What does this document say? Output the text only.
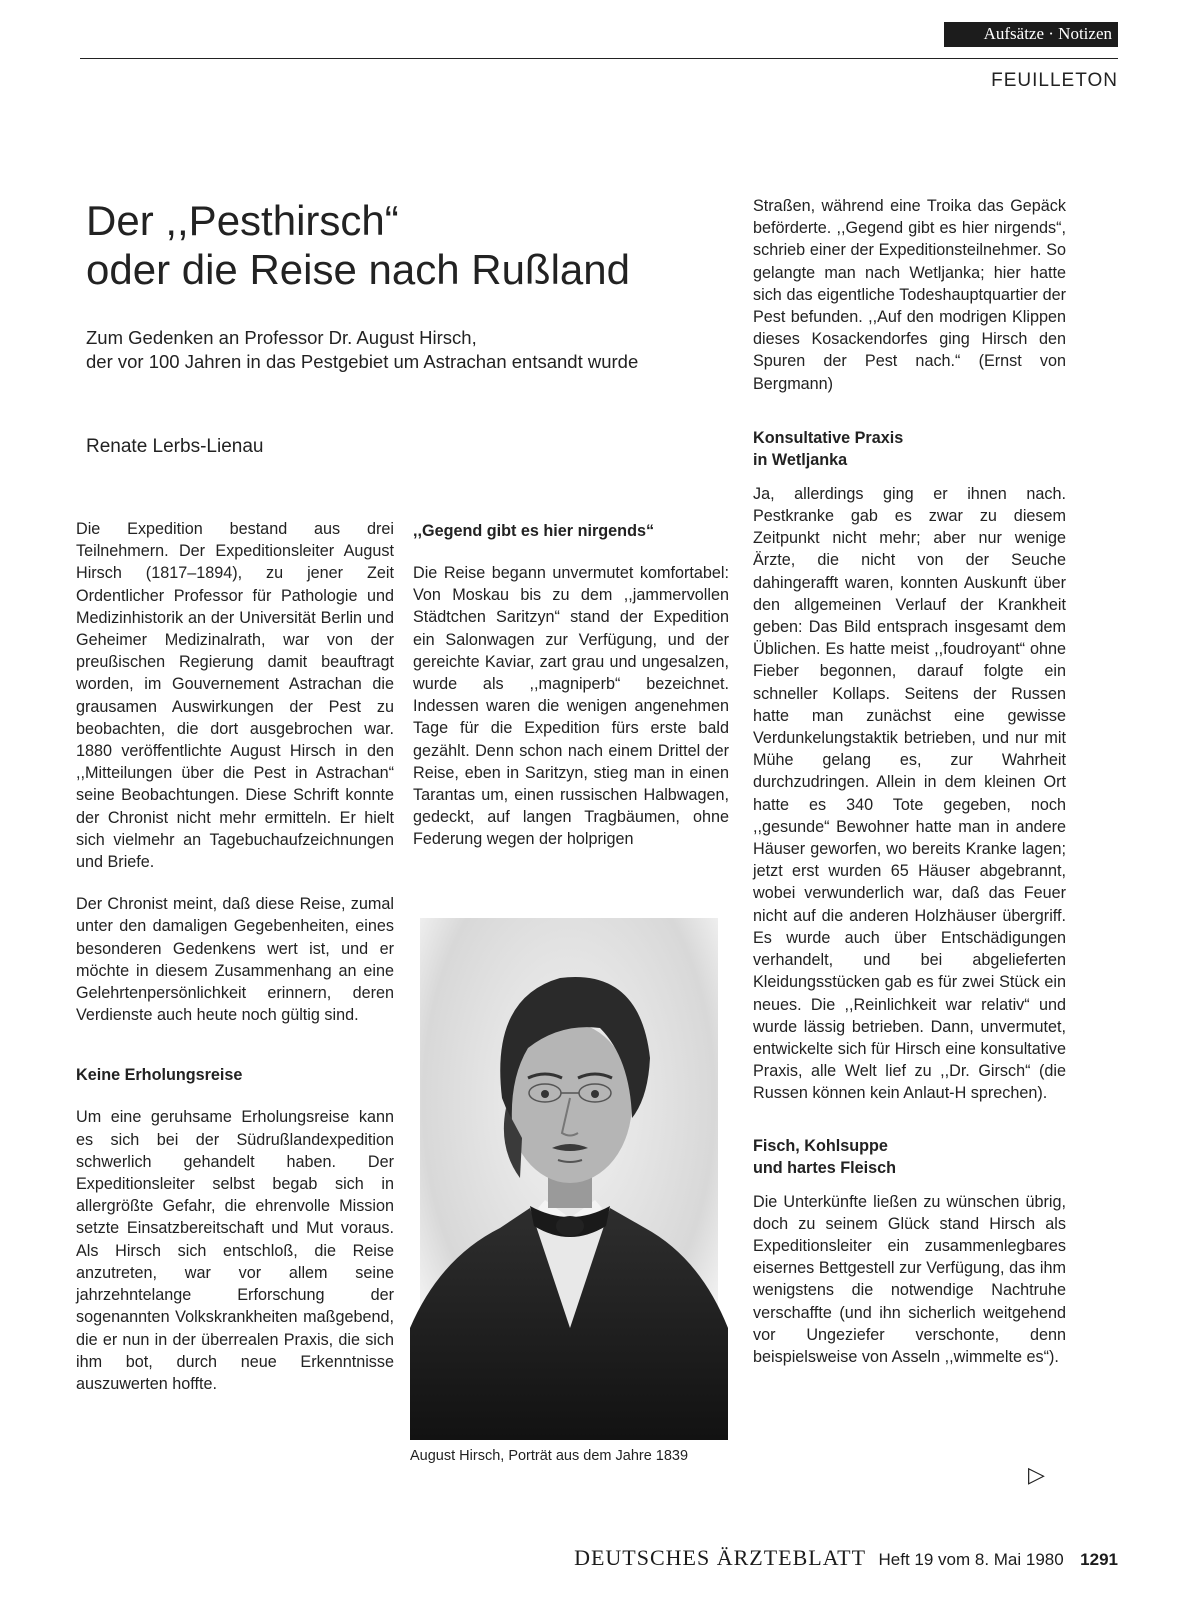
Aufsätze · Notizen
FEUILLETON
Der ,,Pesthirsch“
oder die Reise nach Rußland
Zum Gedenken an Professor Dr. August Hirsch,
der vor 100 Jahren in das Pestgebiet um Astrachan entsandt wurde
Renate Lerbs-Lienau

Die Expedition bestand aus drei Teilnehmern. Der Expeditionsleiter August Hirsch (1817–1894), zu jener Zeit Ordentlicher Professor für Pathologie und Medizinhistorik an der Universität Berlin und Geheimer Medizinalrath, war von der preußischen Regierung damit beauftragt worden, im Gouvernement Astrachan die grausamen Auswirkungen der Pest zu beobachten, die dort ausgebrochen war. 1880 veröffentlichte August Hirsch in den ,,Mitteilungen über die Pest in Astrachan“ seine Beobachtungen. Diese Schrift konnte der Chronist nicht mehr ermitteln. Er hielt sich vielmehr an Tagebuchaufzeichnungen und Briefe.

Der Chronist meint, daß diese Reise, zumal unter den damaligen Gegebenheiten, eines besonderen Gedenkens wert ist, und er möchte in diesem Zusammenhang an eine Gelehrtenpersönlichkeit erinnern, deren Verdienste auch heute noch gültig sind.

Keine Erholungsreise

Um eine geruhsame Erholungsreise kann es sich bei der Südrußlandexpedition schwerlich gehandelt haben. Der Expeditionsleiter selbst begab sich in allergrößte Gefahr, die ehrenvolle Mission setzte Einsatzbereitschaft und Mut voraus. Als Hirsch sich entschloß, die Reise anzutreten, war vor allem seine jahrzehntelange Erforschung der sogenannten Volkskrankheiten maßgebend, die er nun in der überrealen Praxis, die sich ihm bot, durch neue Erkenntnisse auszuwerten hoffte.

,,Gegend gibt es hier nirgends“

Die Reise begann unvermutet komfortabel: Von Moskau bis zu dem ,,jammervollen Städtchen Saritzyn“ stand der Expedition ein Salonwagen zur Verfügung, und der gereichte Kaviar, zart grau und ungesalzen, wurde als ,,magniperb“ bezeichnet. Indessen waren die wenigen angenehmen Tage für die Expedition fürs erste bald gezählt. Denn schon nach einem Drittel der Reise, eben in Saritzyn, stieg man in einen Tarantas um, einen russischen Halbwagen, gedeckt, auf langen Tragbäumen, ohne Federung wegen der holprigen

August Hirsch, Porträt aus dem Jahre 1839

Straßen, während eine Troika das Gepäck beförderte. ,,Gegend gibt es hier nirgends“, schrieb einer der Expeditionsteilnehmer. So gelangte man nach Wetljanka; hier hatte sich das eigentliche Todeshauptquartier der Pest befunden. ,,Auf den modrigen Klippen dieses Kosackendorfes ging Hirsch den Spuren der Pest nach.“ (Ernst von Bergmann)

Konsultative Praxis
in Wetljanka

Ja, allerdings ging er ihnen nach. Pestkranke gab es zwar zu diesem Zeitpunkt nicht mehr; aber nur wenige Ärzte, die nicht von der Seuche dahingerafft waren, konnten Auskunft über den allgemeinen Verlauf der Krankheit geben: Das Bild entsprach insgesamt dem Üblichen. Es hatte meist ,,foudroyant“ ohne Fieber begonnen, darauf folgte ein schneller Kollaps. Seitens der Russen hatte man zunächst eine gewisse Verdunkelungstaktik betrieben, und nur mit Mühe gelang es, zur Wahrheit durchzudringen. Allein in dem kleinen Ort hatte es 340 Tote gegeben, noch ,,gesunde“ Bewohner hatte man in andere Häuser geworfen, wo bereits Kranke lagen; jetzt erst wurden 65 Häuser abgebrannt, wobei verwunderlich war, daß das Feuer nicht auf die anderen Holzhäuser übergriff. Es wurde auch über Entschädigungen verhandelt, und bei abgelieferten Kleidungsstücken gab es für zwei Stück ein neues. Die ,,Reinlichkeit war relativ“ und wurde lässig betrieben. Dann, unvermutet, entwickelte sich für Hirsch eine konsultative Praxis, alle Welt lief zu ,,Dr. Girsch“ (die Russen können kein Anlaut-H sprechen).

Fisch, Kohlsuppe
und hartes Fleisch

Die Unterkünfte ließen zu wünschen übrig, doch zu seinem Glück stand Hirsch als Expeditionsleiter ein zusammenlegbares eisernes Bettgestell zur Verfügung, das ihm wenigstens die notwendige Nachtruhe verschaffte (und ihn sicherlich weitgehend vor Ungeziefer verschonte, denn beispielsweise von Asseln ,,wimmelte es“).

▷
DEUTSCHES ÄRZTEBLATT Heft 19 vom 8. Mai 1980 1291
